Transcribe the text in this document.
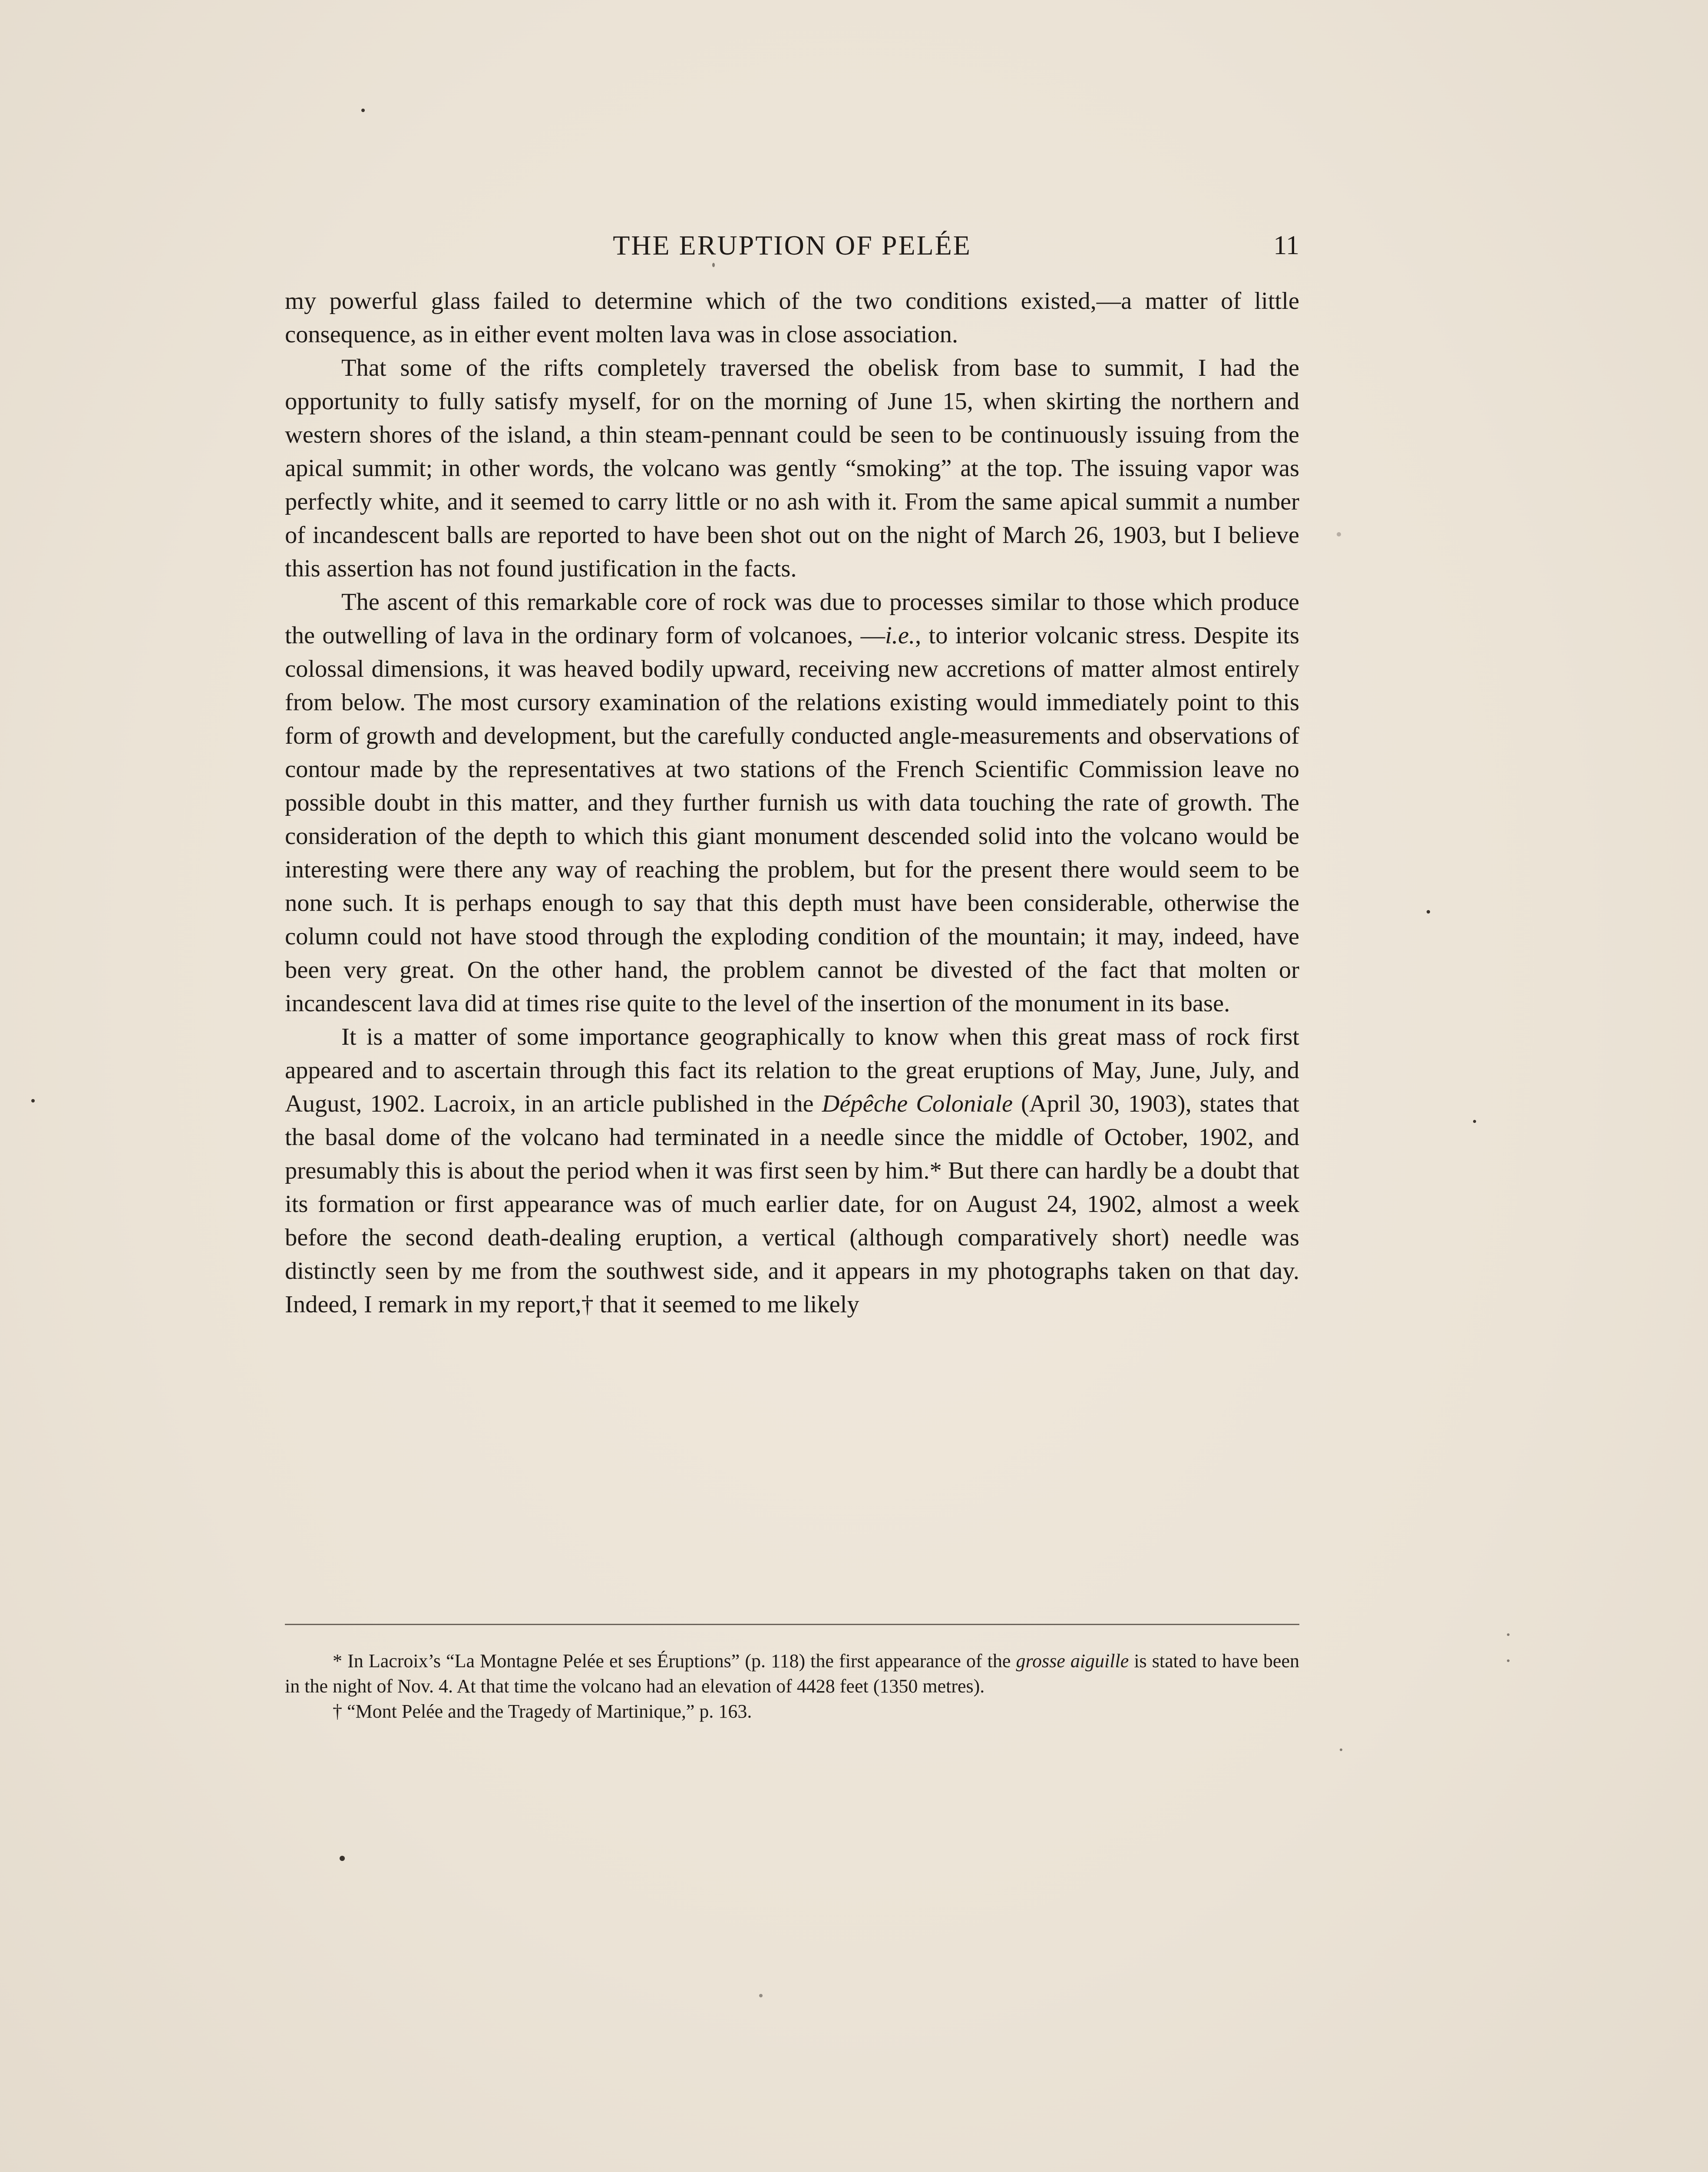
THE ERUPTION OF PELÉE	11

my powerful glass failed to determine which of the two conditions existed,—a matter of little consequence, as in either event molten lava was in close association.

That some of the rifts completely traversed the obelisk from base to summit, I had the opportunity to fully satisfy myself, for on the morning of June 15, when skirting the northern and western shores of the island, a thin steam-pennant could be seen to be continuously issuing from the apical summit; in other words, the volcano was gently “smoking” at the top. The issuing vapor was perfectly white, and it seemed to carry little or no ash with it. From the same apical summit a number of incandescent balls are reported to have been shot out on the night of March 26, 1903, but I believe this assertion has not found justification in the facts.

The ascent of this remarkable core of rock was due to processes similar to those which produce the outwelling of lava in the ordinary form of volcanoes, —i.e., to interior volcanic stress. Despite its colossal dimensions, it was heaved bodily upward, receiving new accretions of matter almost entirely from below. The most cursory examination of the relations existing would immediately point to this form of growth and development, but the carefully conducted angle-measurements and observations of contour made by the representatives at two stations of the French Scientific Commission leave no possible doubt in this matter, and they further furnish us with data touching the rate of growth. The consideration of the depth to which this giant monument descended solid into the volcano would be interesting were there any way of reaching the problem, but for the present there would seem to be none such. It is perhaps enough to say that this depth must have been considerable, otherwise the column could not have stood through the exploding condition of the mountain; it may, indeed, have been very great. On the other hand, the problem cannot be divested of the fact that molten or incandescent lava did at times rise quite to the level of the insertion of the monument in its base.

It is a matter of some importance geographically to know when this great mass of rock first appeared and to ascertain through this fact its relation to the great eruptions of May, June, July, and August, 1902. Lacroix, in an article published in the Dépêche Coloniale (April 30, 1903), states that the basal dome of the volcano had terminated in a needle since the middle of October, 1902, and presumably this is about the period when it was first seen by him.* But there can hardly be a doubt that its formation or first appearance was of much earlier date, for on August 24, 1902, almost a week before the second death-dealing eruption, a vertical (although comparatively short) needle was distinctly seen by me from the southwest side, and it appears in my photographs taken on that day. Indeed, I remark in my report,† that it seemed to me likely

* In Lacroix’s “La Montagne Pelée et ses Éruptions” (p. 118) the first appearance of the grosse aiguille is stated to have been in the night of Nov. 4. At that time the volcano had an elevation of 4428 feet (1350 metres).

† “Mont Pelée and the Tragedy of Martinique,” p. 163.
